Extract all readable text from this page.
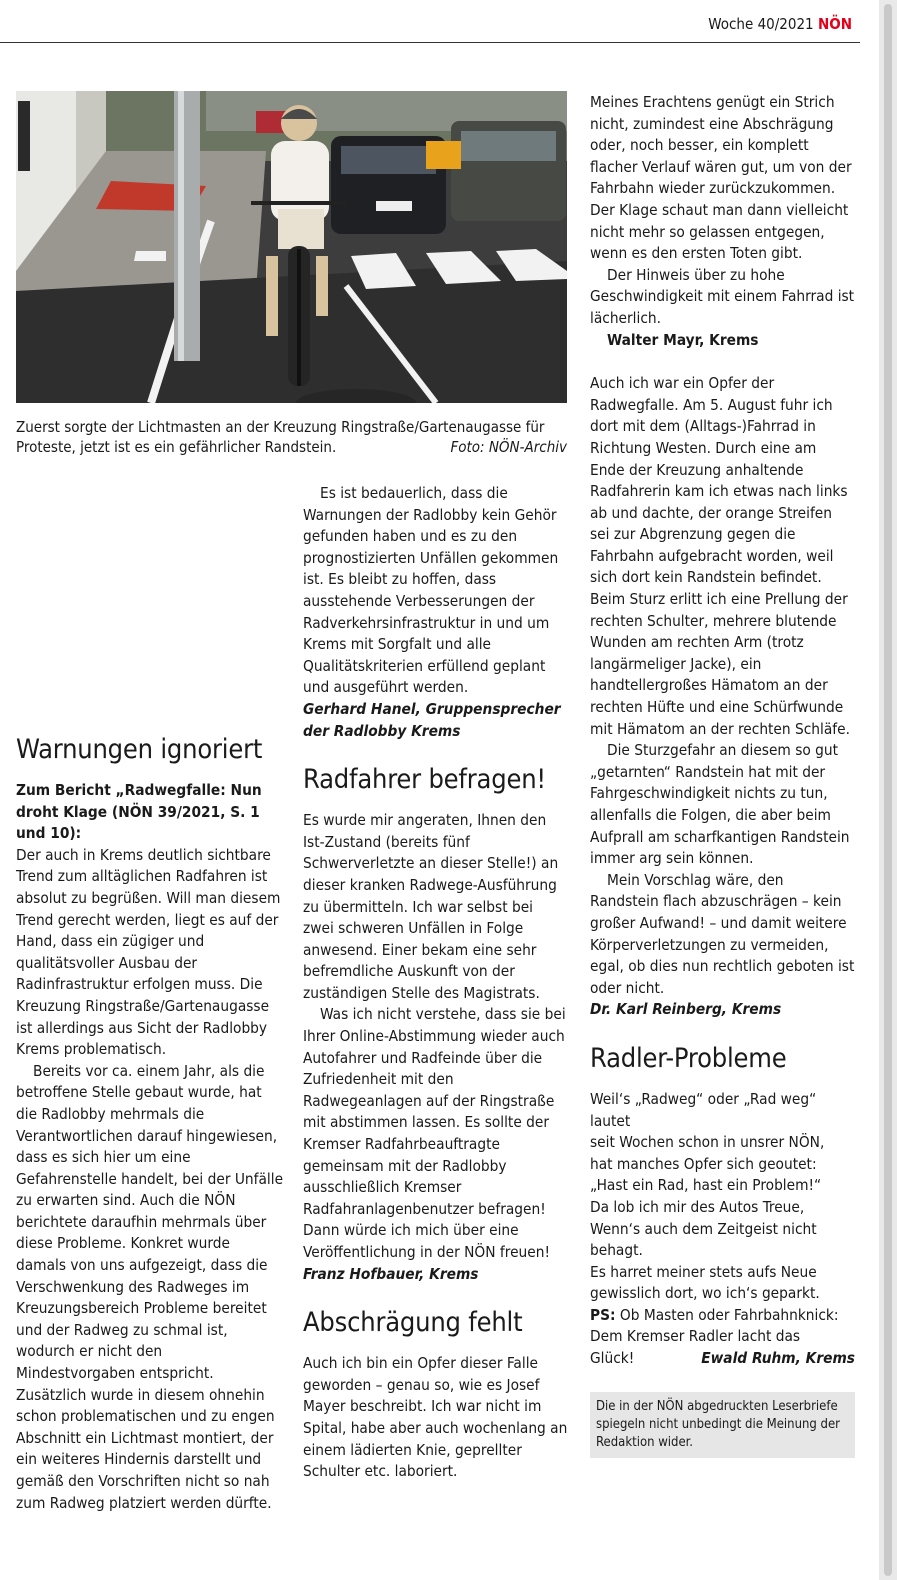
Woche 40/2021 NÖN
Zuerst sorgte der Lichtmasten an der Kreuzung Ringstraße/Gartenaugasse für Proteste, jetzt ist es ein gefährlicher Randstein.	Foto: NÖN-Archiv
Warnungen ignoriert

Zum Bericht „Radwegfalle: Nun droht Klage (NÖN 39/2021, S. 1 und 10):

Der auch in Krems deutlich sichtbare Trend zum alltäglichen Radfahren ist absolut zu begrüßen. Will man diesem Trend gerecht werden, liegt es auf der Hand, dass ein zügiger und qualitätsvoller Ausbau der Radinfrastruktur erfolgen muss. Die Kreuzung Ringstraße/Gartenaugasse ist allerdings aus Sicht der Radlobby Krems problematisch.

Bereits vor ca. einem Jahr, als die betroffene Stelle gebaut wurde, hat die Radlobby mehrmals die Verantwortlichen darauf hingewiesen, dass es sich hier um eine Gefahrenstelle handelt, bei der Unfälle zu erwarten sind. Auch die NÖN berichtete daraufhin mehrmals über diese Probleme. Konkret wurde damals von uns aufgezeigt, dass die Verschwenkung des Radweges im Kreuzungsbereich Probleme bereitet und der Radweg zu schmal ist, wodurch er nicht den Mindestvorgaben entspricht. Zusätzlich wurde in diesem ohnehin schon problematischen und zu engen Abschnitt ein Lichtmast montiert, der ein weiteres Hindernis darstellt und gemäß den Vorschriften nicht so nah zum Radweg platziert werden dürfte.

Es ist bedauerlich, dass die Warnungen der Radlobby kein Gehör gefunden haben und es zu den prognostizierten Unfällen gekommen ist. Es bleibt zu hoffen, dass ausstehende Verbesserungen der Radverkehrsinfrastruktur in und um Krems mit Sorgfalt und alle Qualitätskriterien erfüllend geplant und ausgeführt werden.

Gerhard Hanel, Gruppensprecher der Radlobby Krems

Radfahrer befragen!

Es wurde mir angeraten, Ihnen den Ist-Zustand (bereits fünf Schwerverletzte an dieser Stelle!) an dieser kranken Radwege-Ausführung zu übermitteln. Ich war selbst bei zwei schweren Unfällen in Folge anwesend. Einer bekam eine sehr befremdliche Auskunft von der zuständigen Stelle des Magistrats.

Was ich nicht verstehe, dass sie bei Ihrer Online-Abstimmung wieder auch Autofahrer und Radfeinde über die Zufriedenheit mit den Radwegeanlagen auf der Ringstraße mit abstimmen lassen. Es sollte der Kremser Radfahrbeauftragte gemeinsam mit der Radlobby ausschließlich Kremser Radfahranlagenbenutzer befragen! Dann würde ich mich über eine Veröffentlichung in der NÖN freuen!

Franz Hofbauer, Krems

Abschrägung fehlt

Auch ich bin ein Opfer dieser Falle geworden – genau so, wie es Josef Mayer beschreibt. Ich war nicht im Spital, habe aber auch wochenlang an einem lädierten Knie, geprellter Schulter etc. laboriert.

Meines Erachtens genügt ein Strich nicht, zumindest eine Abschrägung oder, noch besser, ein komplett flacher Verlauf wären gut, um von der Fahrbahn wieder zurückzukommen. Der Klage schaut man dann vielleicht nicht mehr so gelassen entgegen, wenn es den ersten Toten gibt.

Der Hinweis über zu hohe Geschwindigkeit mit einem Fahrrad ist lächerlich.

Walter Mayr, Krems

Auch ich war ein Opfer der Radwegfalle. Am 5. August fuhr ich dort mit dem (Alltags-)Fahrrad in Richtung Westen. Durch eine am Ende der Kreuzung anhaltende Radfahrerin kam ich etwas nach links ab und dachte, der orange Streifen sei zur Abgrenzung gegen die Fahrbahn aufgebracht worden, weil sich dort kein Randstein befindet. Beim Sturz erlitt ich eine Prellung der rechten Schulter, mehrere blutende Wunden am rechten Arm (trotz langärmeliger Jacke), ein handtellergroßes Hämatom an der rechten Hüfte und eine Schürfwunde mit Hämatom an der rechten Schläfe.

Die Sturzgefahr an diesem so gut „getarnten“ Randstein hat mit der Fahrgeschwindigkeit nichts zu tun, allenfalls die Folgen, die aber beim Aufprall am scharfkantigen Randstein immer arg sein können.

Mein Vorschlag wäre, den Randstein flach abzuschrägen – kein großer Aufwand! – und damit weitere Körperverletzungen zu vermeiden, egal, ob dies nun rechtlich geboten ist oder nicht.

Dr. Karl Reinberg, Krems

Radler-Probleme

Weil‘s „Radweg“ oder „Rad weg“ lautet

seit Wochen schon in unsrer NÖN,

hat manches Opfer sich geoutet:

„Hast ein Rad, hast ein Problem!“

Da lob ich mir des Autos Treue,

Wenn‘s auch dem Zeitgeist nicht behagt.

Es harret meiner stets aufs Neue

gewisslich dort, wo ich‘s geparkt.

PS: Ob Masten oder Fahrbahnknick:

Dem Kremser Radler lacht das

Glück!	Ewald Ruhm, Krems
Die in der NÖN abgedruckten Leserbriefe spiegeln nicht unbedingt die Meinung der Redaktion wider.
